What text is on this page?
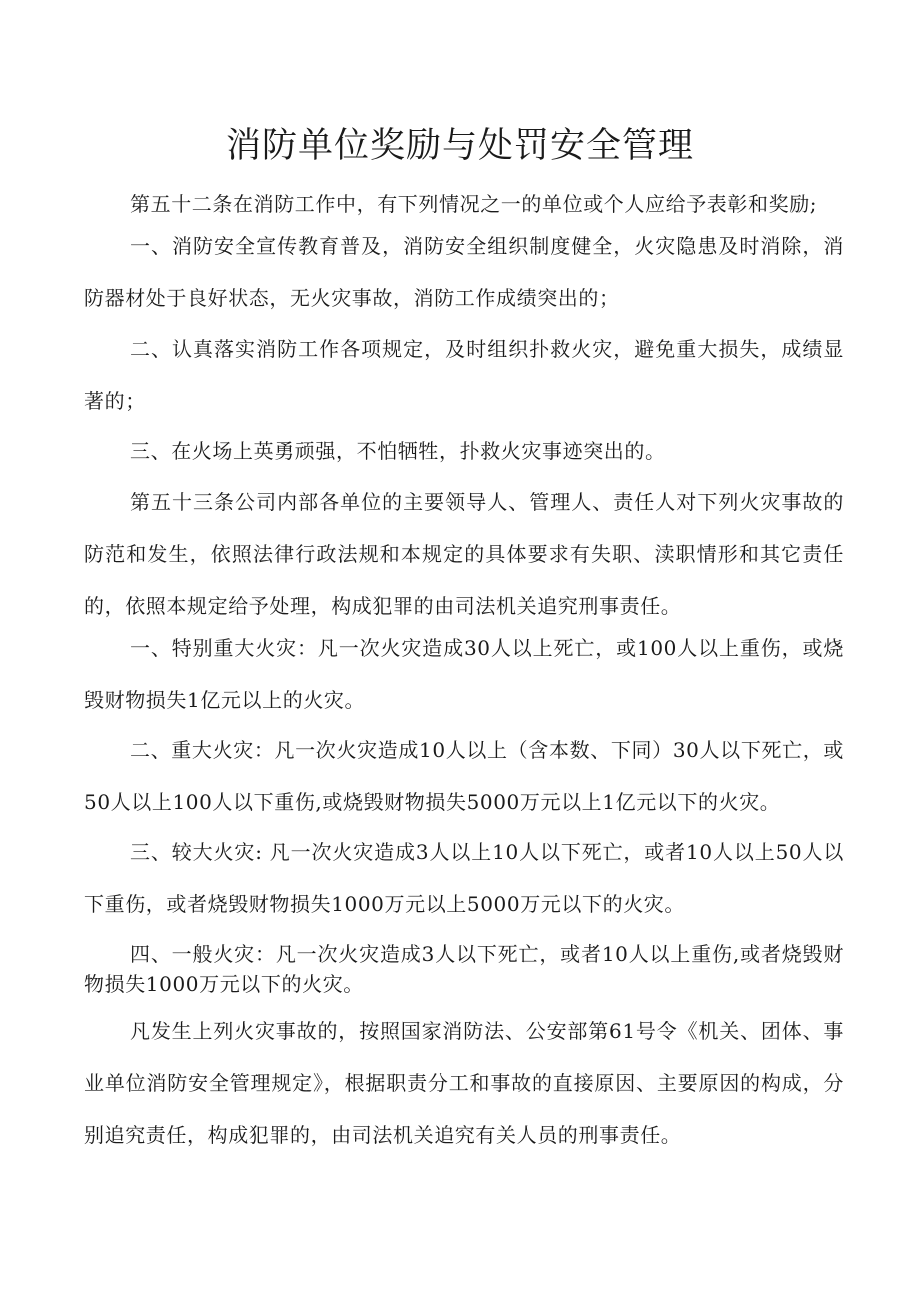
消防单位奖励与处罚安全管理

第五十二条在消防工作中，有下列情况之一的单位或个人应给予表彰和奖励;

一、消防安全宣传教育普及，消防安全组织制度健全，火灾隐患及时消除，消防器材处于良好状态，无火灾事故，消防工作成绩突出的；

二、认真落实消防工作各项规定，及时组织扑救火灾，避免重大损失，成绩显著的；

三、在火场上英勇顽强，不怕牺牲，扑救火灾事迹突出的。

第五十三条公司内部各单位的主要领导人、管理人、责任人对下列火灾事故的防范和发生，依照法律行政法规和本规定的具体要求有失职、渎职情形和其它责任的，依照本规定给予处理，构成犯罪的由司法机关追究刑事责任。

一、特别重大火灾：凡一次火灾造成30人以上死亡，或100人以上重伤，或烧毁财物损失1亿元以上的火灾。

二、重大火灾：凡一次火灾造成10人以上（含本数、下同）30人以下死亡，或50人以上100人以下重伤,或烧毁财物损失5000万元以上1亿元以下的火灾。

三、较大火灾: 凡一次火灾造成3人以上10人以下死亡，或者10人以上50人以下重伤，或者烧毁财物损失1000万元以上5000万元以下的火灾。

四、一般火灾：凡一次火灾造成3人以下死亡，或者10人以上重伤,或者烧毁财物损失1000万元以下的火灾。

凡发生上列火灾事故的，按照国家消防法、公安部第61号令《机关、团体、事业单位消防安全管理规定》，根据职责分工和事故的直接原因、主要原因的构成，分别追究责任，构成犯罪的，由司法机关追究有关人员的刑事责任。
